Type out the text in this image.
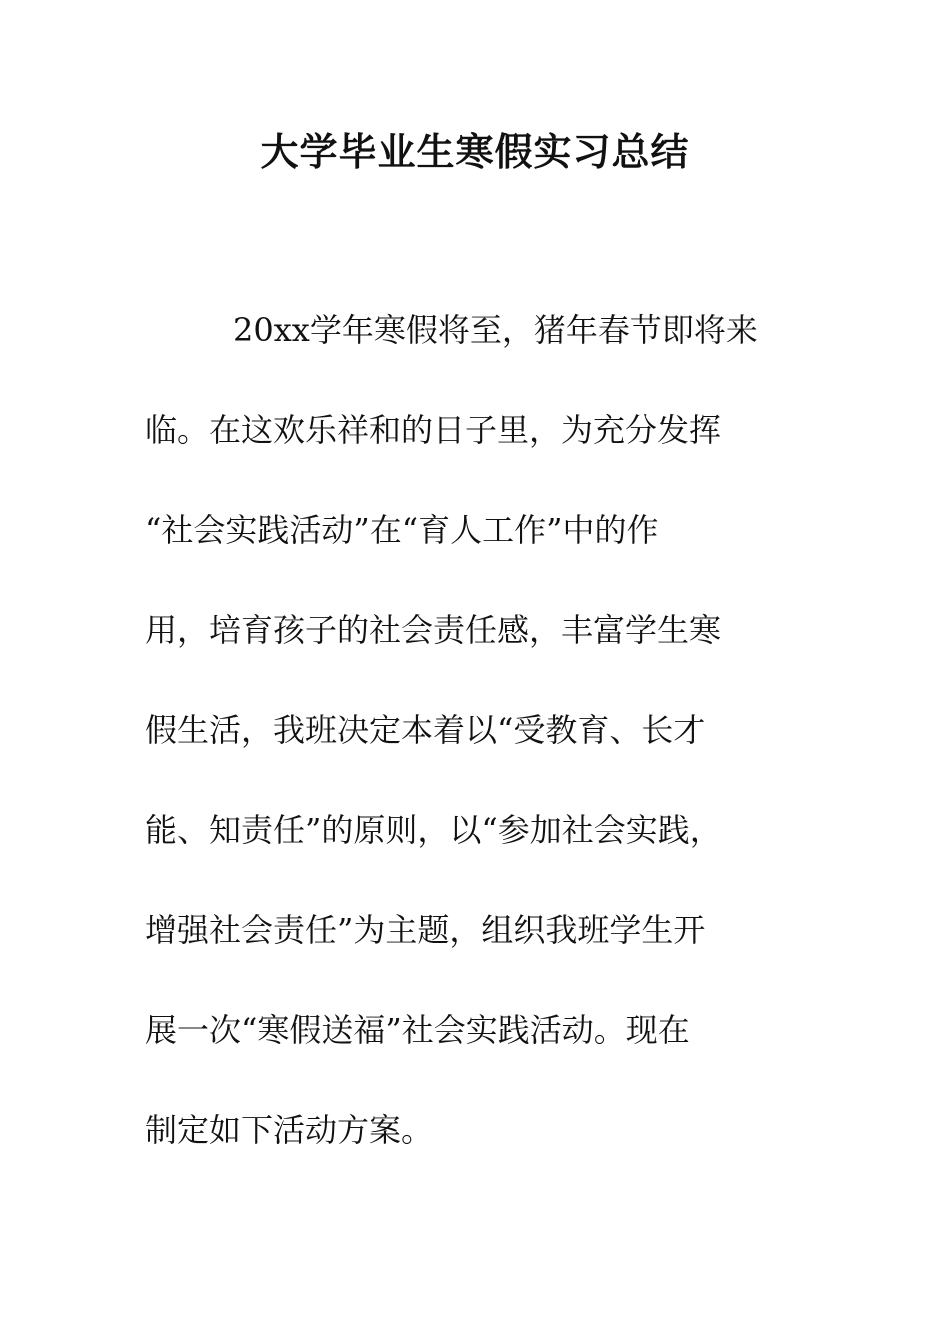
大学毕业生寒假实习总结
20xx学年寒假将至，猪年春节即将来
临。在这欢乐祥和的日子里，为充分发挥
“社会实践活动”在“育人工作”中的作
用，培育孩子的社会责任感，丰富学生寒
假生活，我班决定本着以“受教育、长才
能、知责任”的原则，以“参加社会实践，
增强社会责任”为主题，组织我班学生开
展一次“寒假送福”社会实践活动。现在
制定如下活动方案。
